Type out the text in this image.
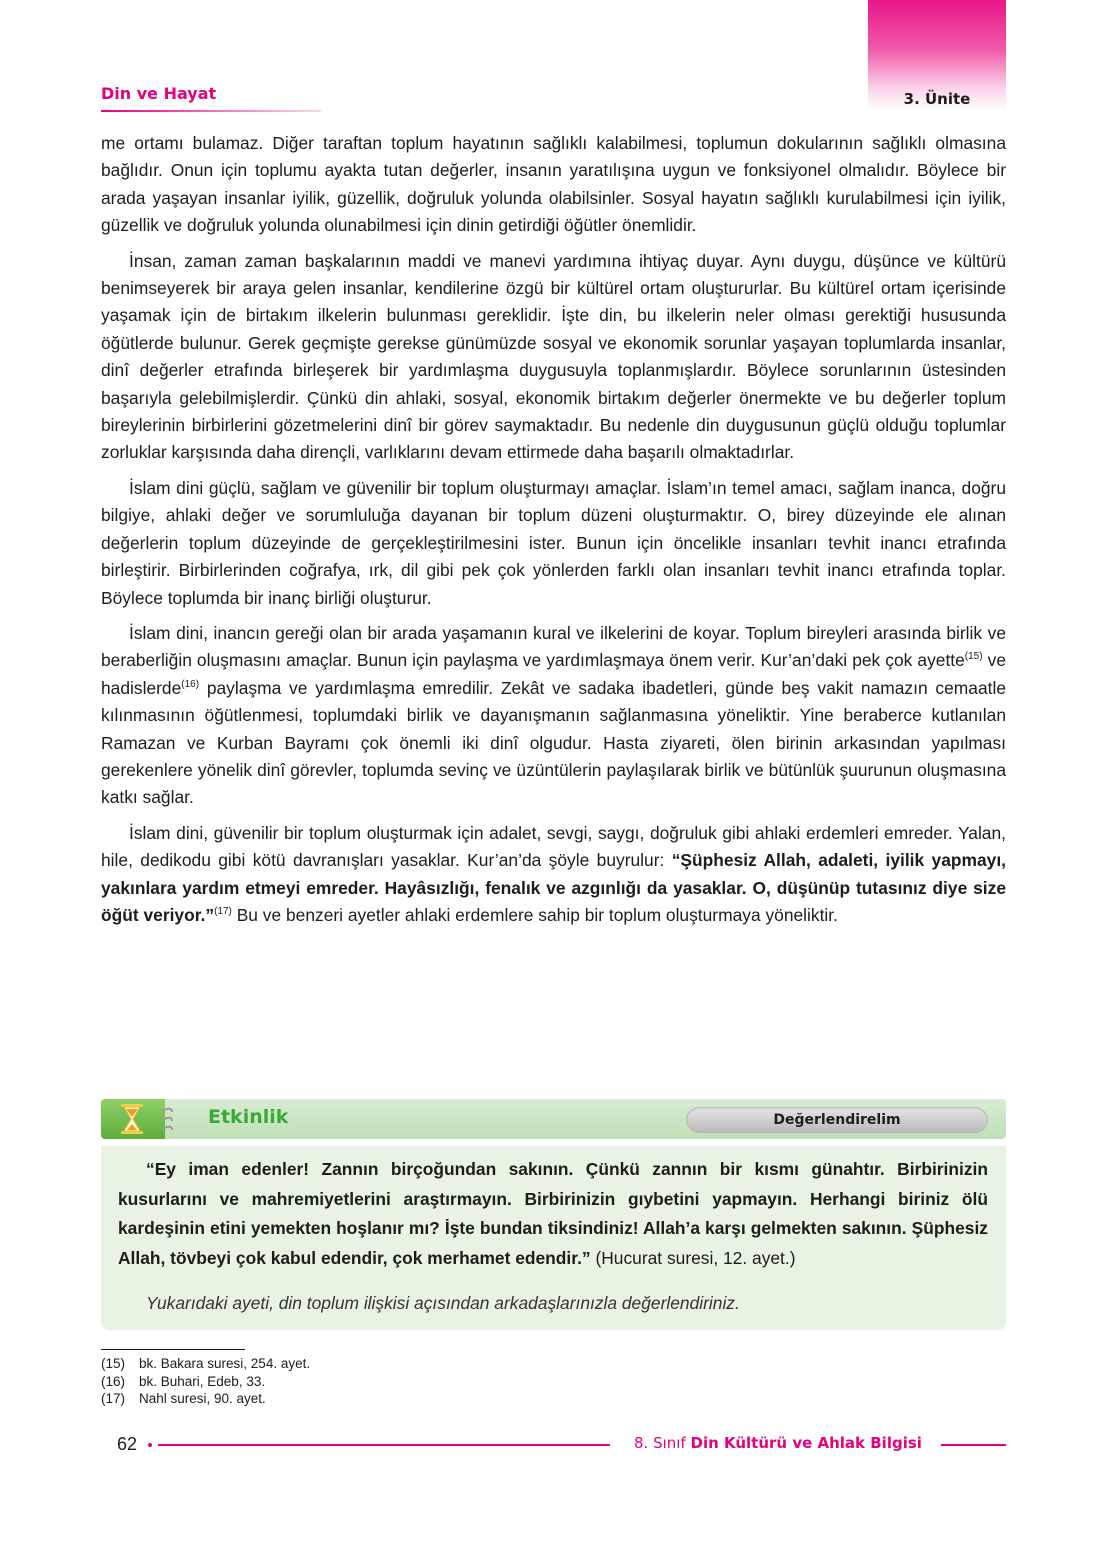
3. Ünite
Din ve Hayat

me ortamı bulamaz. Diğer taraftan toplum hayatının sağlıklı kalabilmesi, toplumun dokularının sağlıklı olmasına bağlıdır. Onun için toplumu ayakta tutan değerler, insanın yaratılışına uygun ve fonksiyonel olmalıdır. Böylece bir arada yaşayan insanlar iyilik, güzellik, doğruluk yolunda olabilsinler. Sosyal hayatın sağlıklı kurulabilmesi için iyilik, güzellik ve doğruluk yolunda olunabilmesi için dinin getirdiği öğütler önemlidir.

İnsan, zaman zaman başkalarının maddi ve manevi yardımına ihtiyaç duyar. Aynı duygu, düşünce ve kültürü benimseyerek bir araya gelen insanlar, kendilerine özgü bir kültürel ortam oluştururlar. Bu kültürel ortam içerisinde yaşamak için de birtakım ilkelerin bulunması gereklidir. İşte din, bu ilkelerin neler olması gerektiği hususunda öğütlerde bulunur. Gerek geçmişte gerekse günümüzde sosyal ve ekonomik sorunlar yaşayan toplumlarda insanlar, dinî değerler etrafında birleşerek bir yardımlaşma duygusuyla toplanmışlardır. Böylece sorunlarının üstesinden başarıyla gelebilmişlerdir. Çünkü din ahlaki, sosyal, ekonomik birtakım değerler önermekte ve bu değerler toplum bireylerinin birbirlerini gözetmelerini dinî bir görev saymaktadır. Bu nedenle din duygusunun güçlü olduğu toplumlar zorluklar karşısında daha dirençli, varlıklarını devam ettirmede daha başarılı olmaktadırlar.

İslam dini güçlü, sağlam ve güvenilir bir toplum oluşturmayı amaçlar. İslam’ın temel amacı, sağlam inanca, doğru bilgiye, ahlaki değer ve sorumluluğa dayanan bir toplum düzeni oluşturmaktır. O, birey düzeyinde ele alınan değerlerin toplum düzeyinde de gerçekleştirilmesini ister. Bunun için öncelikle insanları tevhit inancı etrafında birleştirir. Birbirlerinden coğrafya, ırk, dil gibi pek çok yönlerden farklı olan insanları tevhit inancı etrafında toplar. Böylece toplumda bir inanç birliği oluşturur.

İslam dini, inancın gereği olan bir arada yaşamanın kural ve ilkelerini de koyar. Toplum bireyleri arasında birlik ve beraberliğin oluşmasını amaçlar. Bunun için paylaşma ve yardımlaşmaya önem verir. Kur’an’daki pek çok ayette$^{(15)}$ ve hadislerde$^{(16)}$ paylaşma ve yardımlaşma emredilir. Zekât ve sadaka ibadetleri, günde beş vakit namazın cemaatle kılınmasının öğütlenmesi, toplumdaki birlik ve dayanışmanın sağlanmasına yöneliktir. Yine beraberce kutlanılan Ramazan ve Kurban Bayramı çok önemli iki dinî olgudur. Hasta ziyareti, ölen birinin arkasından yapılması gerekenlere yönelik dinî görevler, toplumda sevinç ve üzüntülerin paylaşılarak birlik ve bütünlük şuurunun oluşmasına katkı sağlar.

İslam dini, güvenilir bir toplum oluşturmak için adalet, sevgi, saygı, doğruluk gibi ahlaki erdemleri emreder. Yalan, hile, dedikodu gibi kötü davranışları yasaklar. Kur’an’da şöyle buyrulur: “Şüphesiz Allah, adaleti, iyilik yapmayı, yakınlara yardım etmeyi emreder. Hayâsızlığı, fenalık ve azgınlığı da yasaklar. O, düşünüp tutasınız diye size öğüt veriyor.”$^{(17)}$ Bu ve benzeri ayetler ahlaki erdemlere sahip bir toplum oluşturmaya yöneliktir.

Etkinlik	Değerlendirelim

“Ey iman edenler! Zannın birçoğundan sakının. Çünkü zannın bir kısmı günahtır. Birbirinizin kusurlarını ve mahremiyetlerini araştırmayın. Birbirinizin gıybetini yapmayın. Herhangi biriniz ölü kardeşinin etini yemekten hoşlanır mı? İşte bundan tiksindiniz! Allah’a karşı gelmekten sakının. Şüphesiz Allah, tövbeyi çok kabul edendir, çok merhamet edendir.” (Hucurat suresi, 12. ayet.)

Yukarıdaki ayeti, din toplum ilişkisi açısından arkadaşlarınızla değerlendiriniz.
(15) bk. Bakara suresi, 254. ayet.
(16) bk. Buhari, Edeb, 33.
(17) Nahl suresi, 90. ayet.
62	8. Sınıf Din Kültürü ve Ahlak Bilgisi
